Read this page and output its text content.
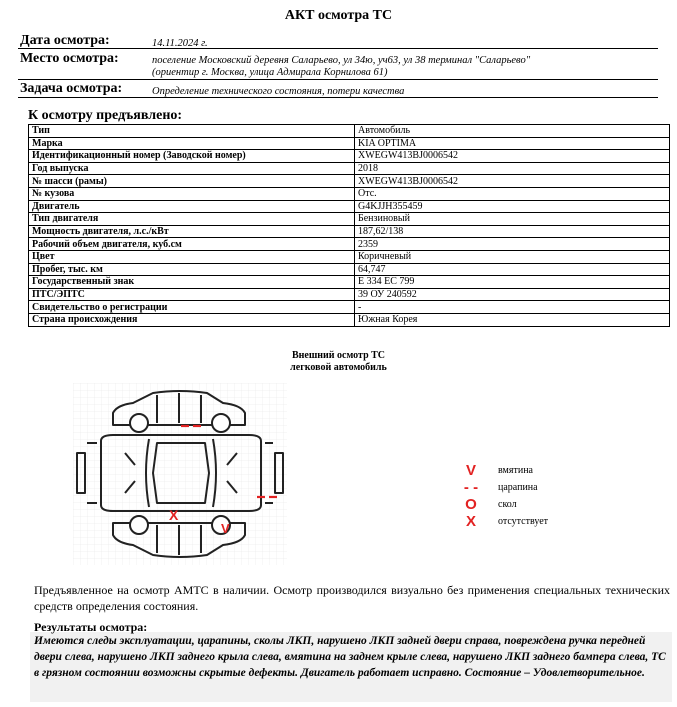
АКТ осмотра ТС
Дата осмотра:	14.11.2024 г.
Место осмотра:	поселение Московский деревня Саларьево, ул 34ю, уч63, ул 38 терминал "Саларьево"
(ориентир г. Москва, улица Адмирала Корнилова 61)
Задача осмотра:	Определение технического состояния, потери качества
К осмотру предъявлено:
Тип	Автомобиль
Марка	KIA OPTIMA
Идентификационный номер (Заводской номер)	XWEGW413BJ0006542
Год выпуска	2018
№ шасси (рамы)	XWEGW413BJ0006542
№ кузова	Отс.
Двигатель	G4KJJH355459
Тип двигателя	Бензиновый
Мощность двигателя, л.с./кВт	187,62/138
Рабочий объем двигателя, куб.см	2359
Цвет	Коричневый
Пробег, тыс. км	64,747
Государственный знак	Е 334 ЕС 799
ПТС/ЭПТС	39 ОУ 240592
Свидетельство о регистрации	-
Страна происхождения	Южная Корея
Внешний осмотр ТС
легковой автомобиль
X
V
V	вмятина
- -	царапина
O	скол
X	отсутствует
Предъявленное на осмотр АМТС в наличии. Осмотр производился визуально без применения специальных технических средств определения состояния.
Результаты осмотра:
Имеются следы эксплуатации, царапины, сколы ЛКП, нарушено ЛКП задней двери справа, повреждена ручка передней двери слева, нарушено ЛКП заднего крыла слева, вмятина на заднем крыле слева, нарушено ЛКП заднего бампера слева, ТС в грязном состоянии возможны скрытые дефекты. Двигатель работает исправно. Состояние – Удовлетворительное.
